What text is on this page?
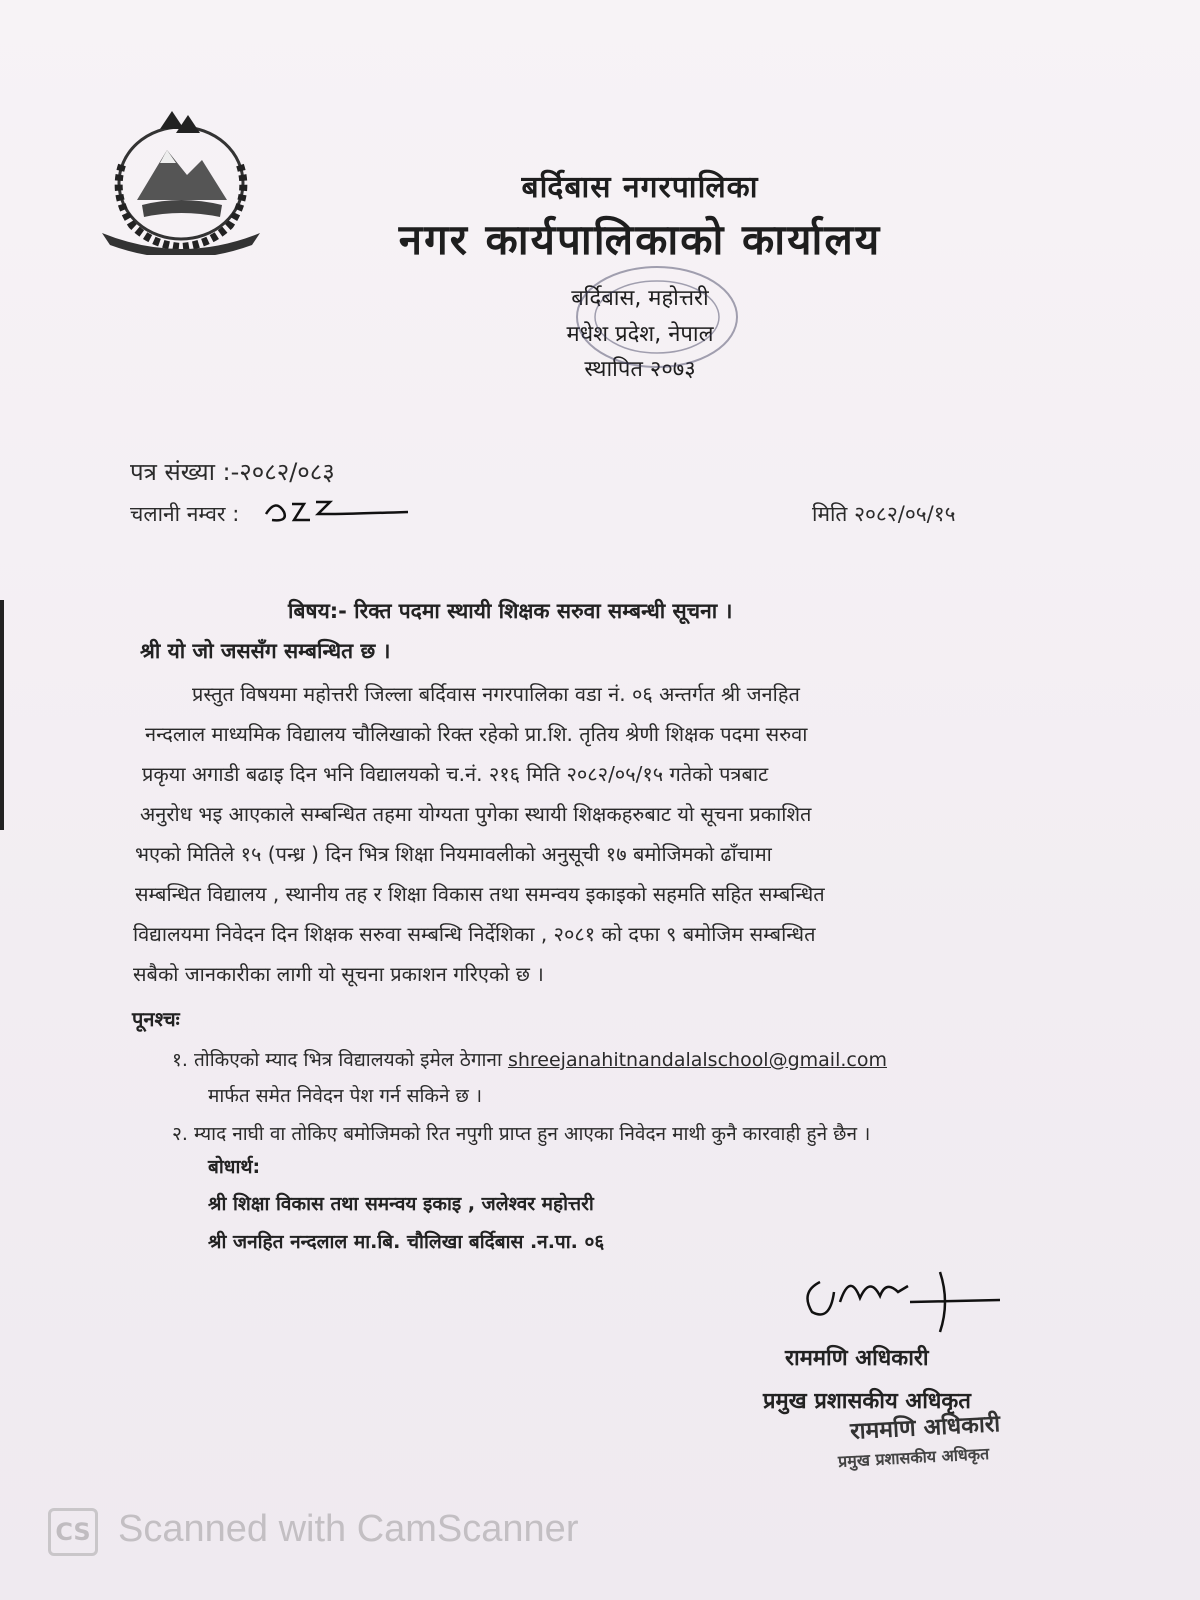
बर्दिबास नगरपालिका
नगर कार्यपालिकाको कार्यालय
बर्दिबास, महोत्तरी
मधेश प्रदेश, नेपाल
स्थापित २०७३
पत्र संख्या :-२०८२/०८३
चलानी नम्वर :	मिति २०८२/०५/१५
बिषय:- रिक्त पदमा स्थायी शिक्षक सरुवा सम्बन्धी सूचना ।
श्री यो जो जससँग सम्बन्धित छ ।
प्रस्तुत विषयमा महोत्तरी जिल्ला बर्दिवास नगरपालिका वडा नं. ०६ अन्तर्गत श्री जनहित
नन्दलाल माध्यमिक विद्यालय चौलिखाको रिक्त रहेको प्रा.शि. तृतिय श्रेणी शिक्षक पदमा सरुवा
प्रकृया अगाडी बढाइ दिन भनि विद्यालयको च.नं. २१६ मिति २०८२/०५/१५ गतेको पत्रबाट
अनुरोध भइ आएकाले सम्बन्धित तहमा योग्यता पुगेका स्थायी शिक्षकहरुबाट यो सूचना प्रकाशित
भएको मितिले १५ (पन्ध्र ) दिन भित्र शिक्षा नियमावलीको अनुसूची १७ बमोजिमको ढाँचामा
सम्बन्धित विद्यालय , स्थानीय तह र शिक्षा विकास तथा समन्वय इकाइको सहमति सहित सम्बन्धित
विद्यालयमा निवेदन दिन शिक्षक सरुवा सम्बन्धि निर्देशिका , २०८१ को दफा ९ बमोजिम सम्बन्धित
सबैको जानकारीका लागी यो सूचना प्रकाशन गरिएको छ ।
पूनश्चः
१. तोकिएको म्याद भित्र विद्यालयको इमेल ठेगाना shreejanahitnandalalschool@gmail.com
मार्फत समेत निवेदन पेश गर्न सकिने छ ।
२. म्याद नाघी वा तोकिए बमोजिमको रित नपुगी प्राप्त हुन आएका निवेदन माथी कुनै कारवाही हुने छैन ।
बोधार्थ:
श्री शिक्षा विकास तथा समन्वय इकाइ , जलेश्वर महोत्तरी
श्री जनहित नन्दलाल मा.बि. चौलिखा बर्दिबास .न.पा. ०६
राममणि अधिकारी
प्रमुख प्रशासकीय अधिकृत
राममणि अधिकारी
प्रमुख प्रशासकीय अधिकृत
CS Scanned with CamScanner
